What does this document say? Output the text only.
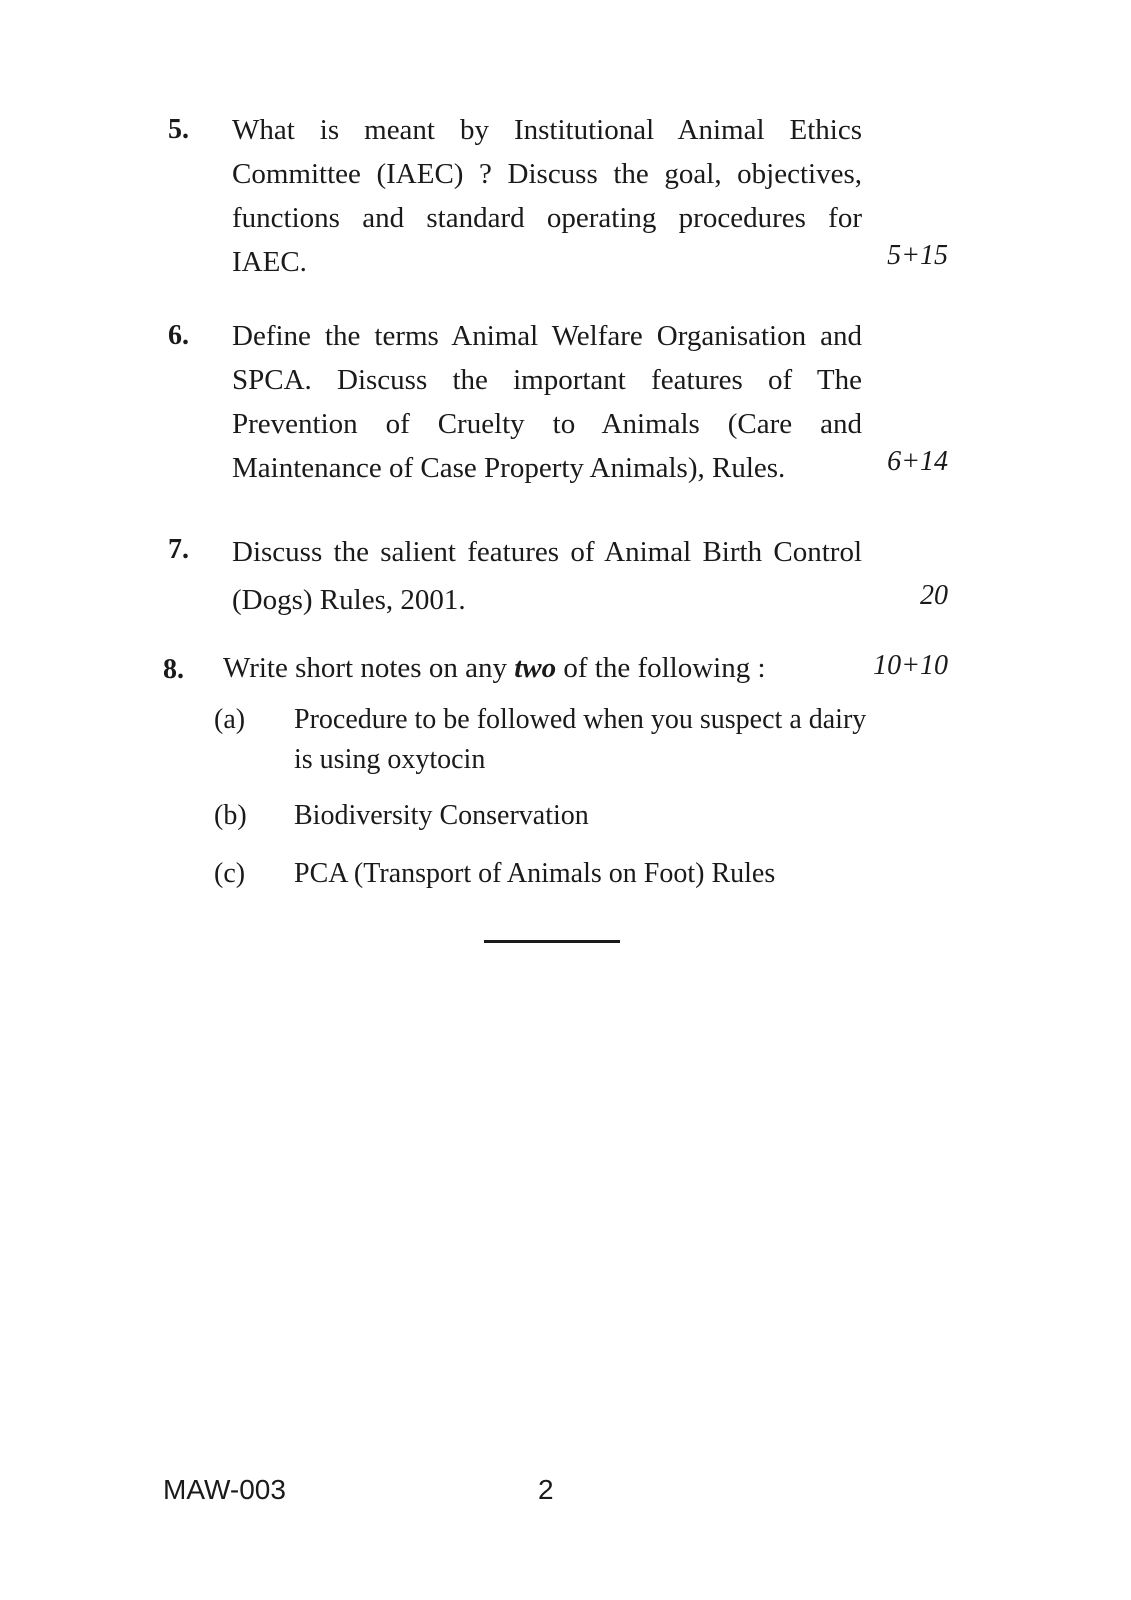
5. What is meant by Institutional Animal Ethics Committee (IAEC) ? Discuss the goal, objectives, functions and standard operating procedures for IAEC.	5+15
6. Define the terms Animal Welfare Organisation and SPCA. Discuss the important features of The Prevention of Cruelty to Animals (Care and Maintenance of Case Property Animals), Rules.	6+14
7. Discuss the salient features of Animal Birth Control (Dogs) Rules, 2001.	20
8. Write short notes on any two of the following :	10+10
(a) Procedure to be followed when you suspect a dairy is using oxytocin
(b) Biodiversity Conservation
(c) PCA (Transport of Animals on Foot) Rules
MAW-003	2
